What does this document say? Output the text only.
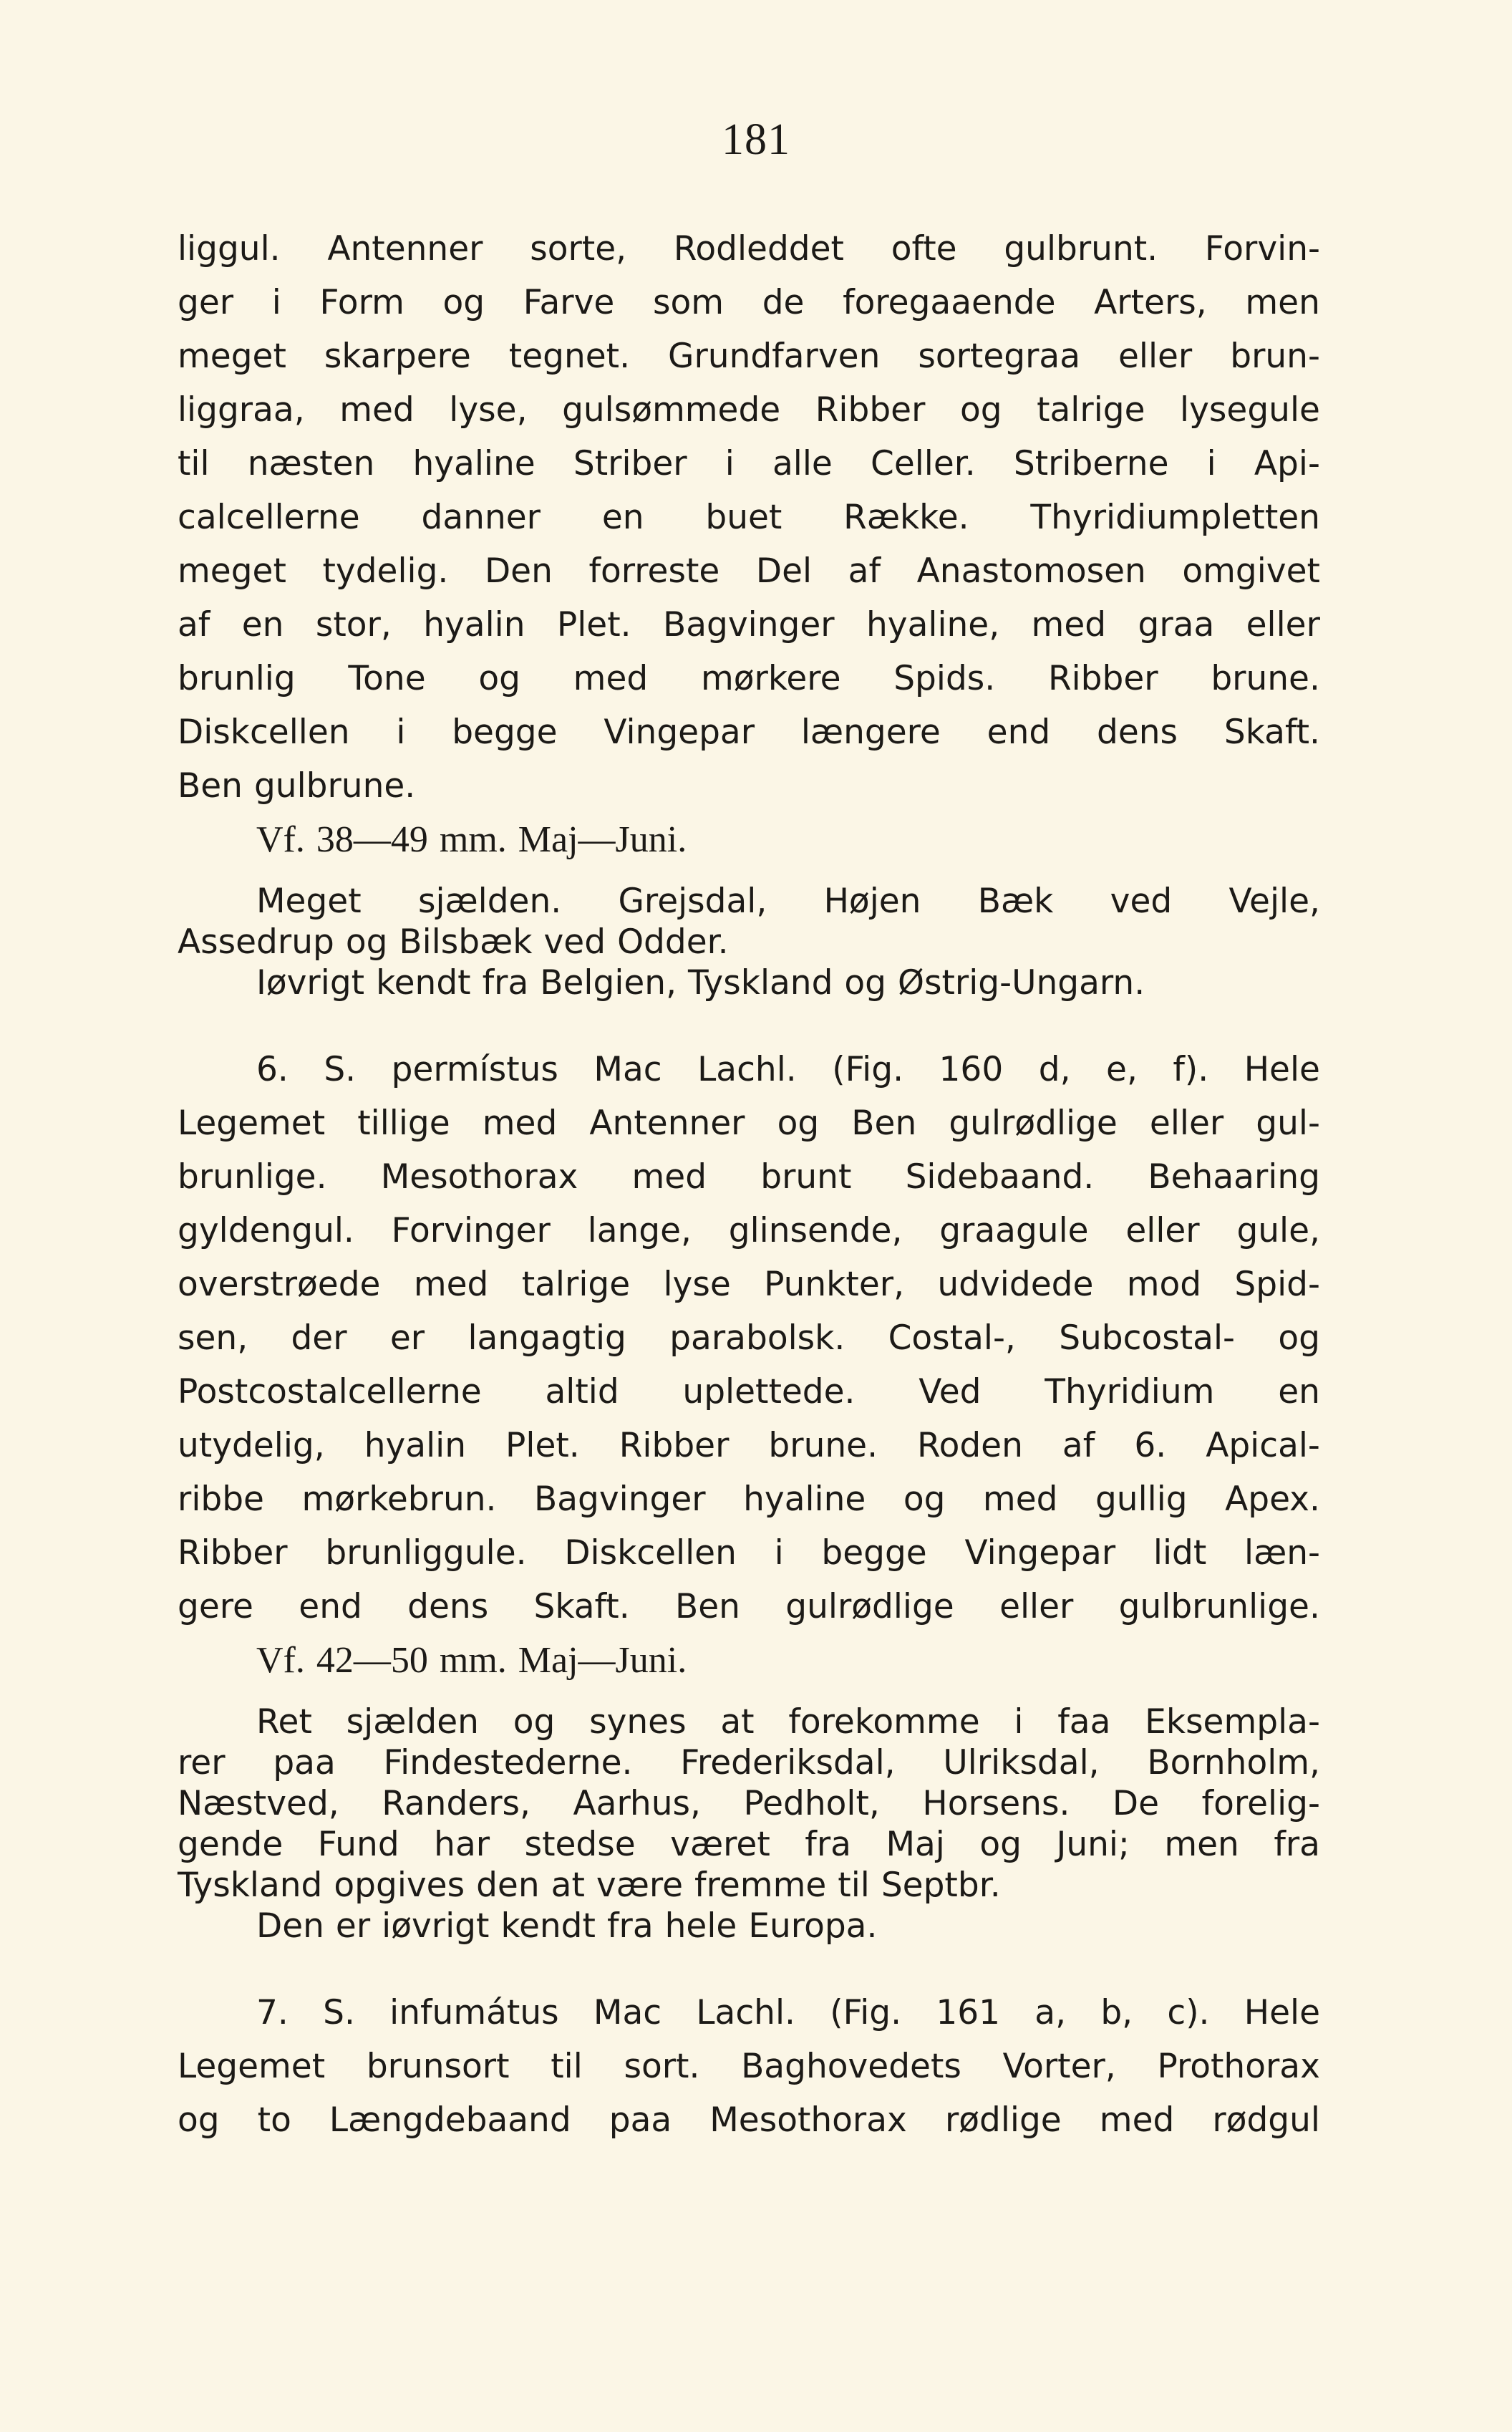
181
liggul. Antenner sorte, Rodleddet ofte gulbrunt. Forvin-
ger i Form og Farve som de foregaaende Arters, men
meget skarpere tegnet. Grundfarven sortegraa eller brun-
liggraa, med lyse, gulsømmede Ribber og talrige lysegule
til næsten hyaline Striber i alle Celler. Striberne i Api-
calcellerne danner en buet Række. Thyridiumpletten
meget tydelig. Den forreste Del af Anastomosen omgivet
af en stor, hyalin Plet. Bagvinger hyaline, med graa eller
brunlig Tone og med mørkere Spids. Ribber brune.
Diskcellen i begge Vingepar længere end dens Skaft.
Ben gulbrune.
Vf. 38—49 mm. Maj—Juni.
Meget sjælden. Grejsdal, Højen Bæk ved Vejle,
Assedrup og Bilsbæk ved Odder.
Iøvrigt kendt fra Belgien, Tyskland og Østrig-Ungarn.
6. S. permístus Mac Lachl. (Fig. 160 d, e, f). Hele
Legemet tillige med Antenner og Ben gulrødlige eller gul-
brunlige. Mesothorax med brunt Sidebaand. Behaaring
gyldengul. Forvinger lange, glinsende, graagule eller gule,
overstrøede med talrige lyse Punkter, udvidede mod Spid-
sen, der er langagtig parabolsk. Costal-, Subcostal- og
Postcostalcellerne altid uplettede. Ved Thyridium en
utydelig, hyalin Plet. Ribber brune. Roden af 6. Apical-
ribbe mørkebrun. Bagvinger hyaline og med gullig Apex.
Ribber brunliggule. Diskcellen i begge Vingepar lidt læn-
gere end dens Skaft. Ben gulrødlige eller gulbrunlige.
Vf. 42—50 mm. Maj—Juni.
Ret sjælden og synes at forekomme i faa Eksempla-
rer paa Findestederne. Frederiksdal, Ulriksdal, Bornholm,
Næstved, Randers, Aarhus, Pedholt, Horsens. De forelig-
gende Fund har stedse været fra Maj og Juni; men fra
Tyskland opgives den at være fremme til Septbr.
Den er iøvrigt kendt fra hele Europa.
7. S. infumátus Mac Lachl. (Fig. 161 a, b, c). Hele
Legemet brunsort til sort. Baghovedets Vorter, Prothorax
og to Længdebaand paa Mesothorax rødlige med rødgul
